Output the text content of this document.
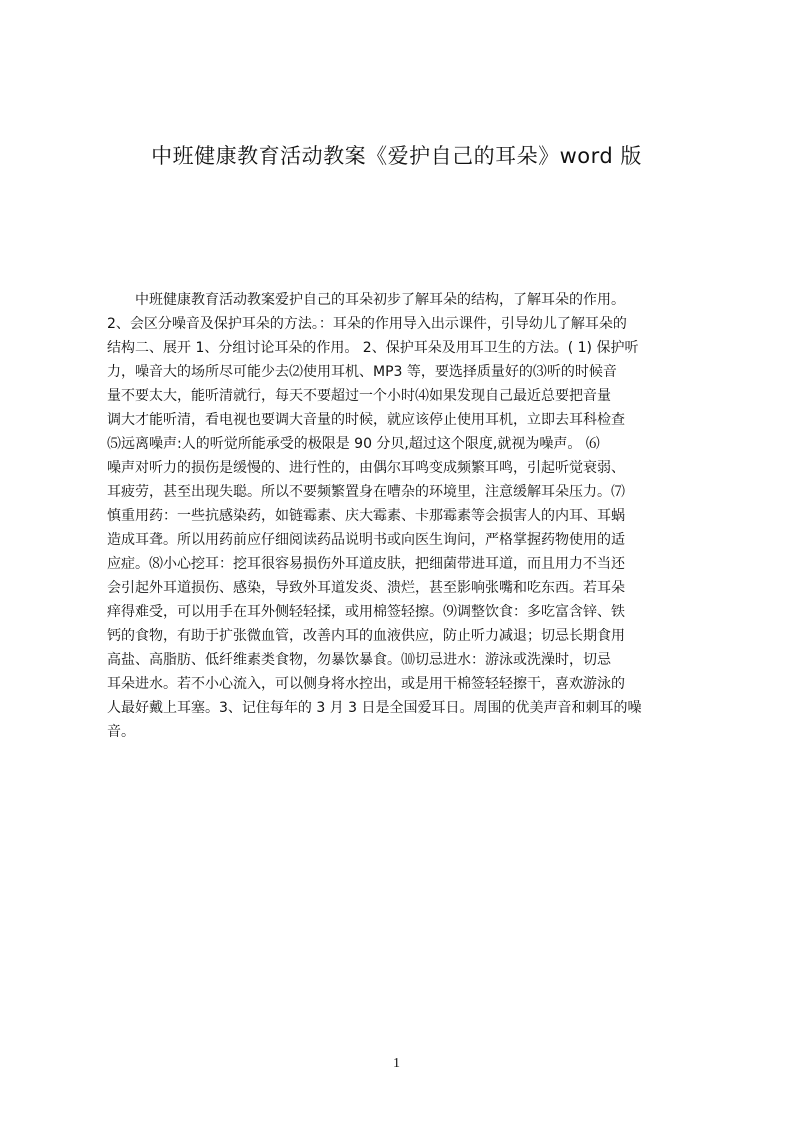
中班健康教育活动教案《爱护自己的耳朵》word 版
　　中班健康教育活动教案爱护自己的耳朵初步了解耳朵的结构，了解耳朵的作用。
2、会区分噪音及保护耳朵的方法。：耳朵的作用导入出示课件，引导幼儿了解耳朵的
结构二、展开 1、分组讨论耳朵的作用。 2、保护耳朵及用耳卫生的方法。( 1) 保护听
力，噪音大的场所尽可能少去⑵使用耳机、MP3 等，要选择质量好的⑶听的时候音
量不要太大，能听清就行，每天不要超过一个小时⑷如果发现自己最近总要把音量
调大才能听清，看电视也要调大音量的时候，就应该停止使用耳机，立即去耳科检查
⑸远离噪声:人的听觉所能承受的极限是 90 分贝,超过这个限度,就视为噪声。 ⑹
噪声对听力的损伤是缓慢的、进行性的，由偶尔耳鸣变成频繁耳鸣，引起听觉衰弱、
耳疲劳，甚至出现失聪。所以不要频繁置身在嘈杂的环境里，注意缓解耳朵压力。⑺
慎重用药：一些抗感染药，如链霉素、庆大霉素、卡那霉素等会损害人的内耳、耳蜗
造成耳聋。所以用药前应仔细阅读药品说明书或向医生询问，严格掌握药物使用的适
应症。⑻小心挖耳：挖耳很容易损伤外耳道皮肤，把细菌带进耳道，而且用力不当还
会引起外耳道损伤、感染，导致外耳道发炎、溃烂，甚至影响张嘴和吃东西。若耳朵
痒得难受，可以用手在耳外侧轻轻揉，或用棉签轻擦。⑼调整饮食：多吃富含锌、铁
钙的食物，有助于扩张微血管，改善内耳的血液供应，防止听力减退；切忌长期食用
高盐、高脂肪、低纤维素类食物，勿暴饮暴食。⑽切忌进水：游泳或洗澡时，切忌
耳朵进水。若不小心流入，可以侧身将水控出，或是用干棉签轻轻擦干，喜欢游泳的
人最好戴上耳塞。3、记住每年的 3 月 3 日是全国爱耳日。周围的优美声音和刺耳的噪
音。
1
